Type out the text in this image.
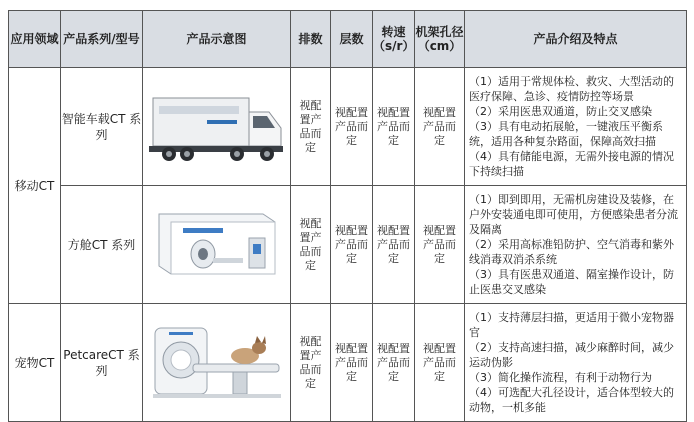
应用领域	产品系列/型号	产品示意图	排数	层数	转速（s/r）	机架孔径（cm）	产品介绍及特点
移动CT	智能车载CT 系列		视配置产品而定	视配置产品而定	视配置产品而定	视配置产品而定	（1）适用于常规体检、救灾、大型活动的医疗保障、急诊、疫情防控等场景
（2）采用医患双通道，防止交叉感染
（3）具有电动拓展舱，一键液压平衡系统，适用各种复杂路面，保障高效扫描
（4）具有储能电源，无需外接电源的情况下持续扫描

	方舱CT 系列		视配置产品而定	视配置产品而定	视配置产品而定	视配置产品而定	（1）即到即用，无需机房建设及装修，在户外安装通电即可使用，方便感染患者分流及隔离
（2）采用高标准铅防护、空气消毒和紫外线消毒双消杀系统
（3）具有医患双通道、隔室操作设计，防止医患交叉感染

宠物CT	PetcareCT 系列		视配置产品而定	视配置产品而定	视配置产品而定	视配置产品而定	（1）支持薄层扫描，更适用于微小宠物器官
（2）支持高速扫描，减少麻醉时间，减少运动伪影
（3）简化操作流程，有利于动物行为
（4）可选配大孔径设计，适合体型较大的动物，一机多能
